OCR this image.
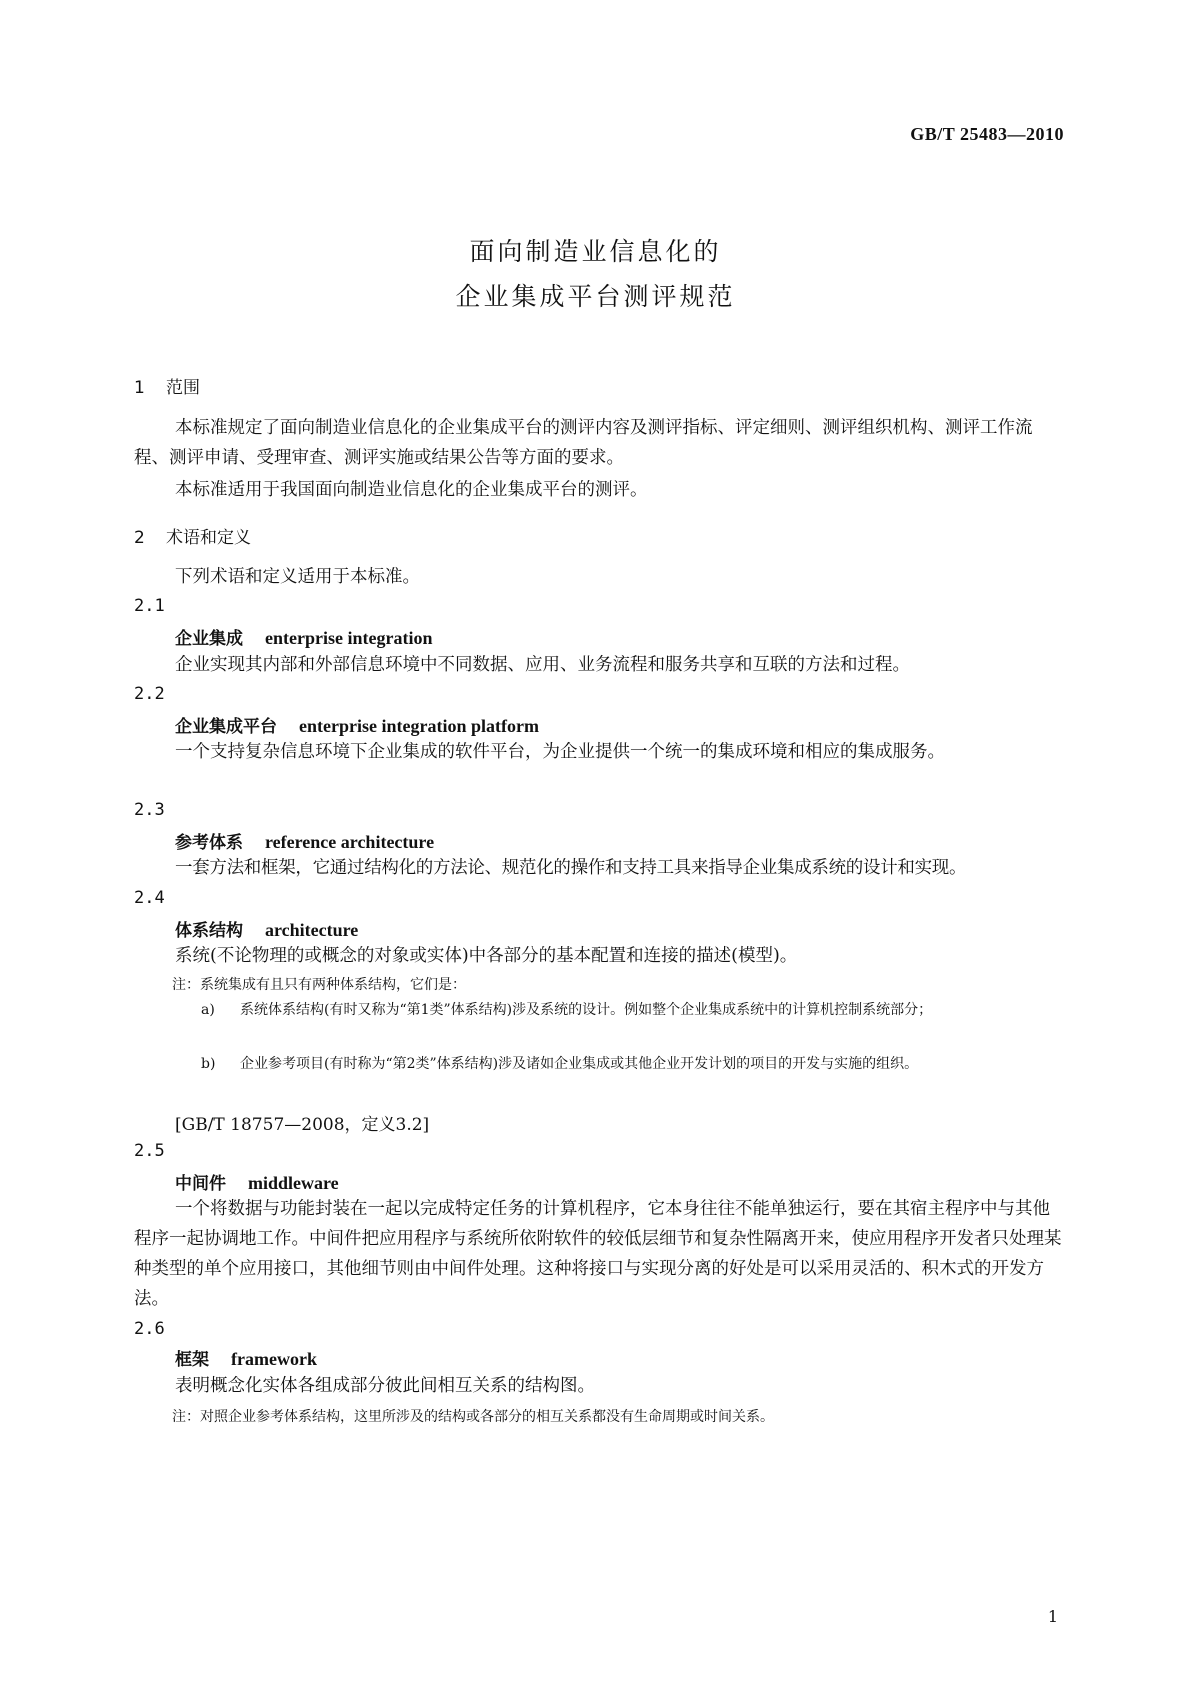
GB/T 25483—2010
面向制造业信息化的
企业集成平台测评规范
1 范围
本标准规定了面向制造业信息化的企业集成平台的测评内容及测评指标、评定细则、测评组织机构、测评工作流程、测评申请、受理审查、测评实施或结果公告等方面的要求。
本标准适用于我国面向制造业信息化的企业集成平台的测评。
2 术语和定义
下列术语和定义适用于本标准。
2.1
企业集成 enterprise integration
企业实现其内部和外部信息环境中不同数据、应用、业务流程和服务共享和互联的方法和过程。
2.2
企业集成平台 enterprise integration platform
一个支持复杂信息环境下企业集成的软件平台，为企业提供一个统一的集成环境和相应的集成服务。
2.3
参考体系 reference architecture
一套方法和框架，它通过结构化的方法论、规范化的操作和支持工具来指导企业集成系统的设计和实现。
2.4
体系结构 architecture
系统(不论物理的或概念的对象或实体)中各部分的基本配置和连接的描述(模型)。
注：系统集成有且只有两种体系结构，它们是：
a) 系统体系结构(有时又称为“第1类”体系结构)涉及系统的设计。例如整个企业集成系统中的计算机控制系统部分；
b) 企业参考项目(有时称为“第2类”体系结构)涉及诸如企业集成或其他企业开发计划的项目的开发与实施的组织。
[GB/T 18757—2008，定义3.2]
2.5
中间件 middleware
一个将数据与功能封装在一起以完成特定任务的计算机程序，它本身往往不能单独运行，要在其宿主程序中与其他程序一起协调地工作。中间件把应用程序与系统所依附软件的较低层细节和复杂性隔离开来，使应用程序开发者只处理某种类型的单个应用接口，其他细节则由中间件处理。这种将接口与实现分离的好处是可以采用灵活的、积木式的开发方法。
2.6
框架 framework
表明概念化实体各组成部分彼此间相互关系的结构图。
注：对照企业参考体系结构，这里所涉及的结构或各部分的相互关系都没有生命周期或时间关系。
1
